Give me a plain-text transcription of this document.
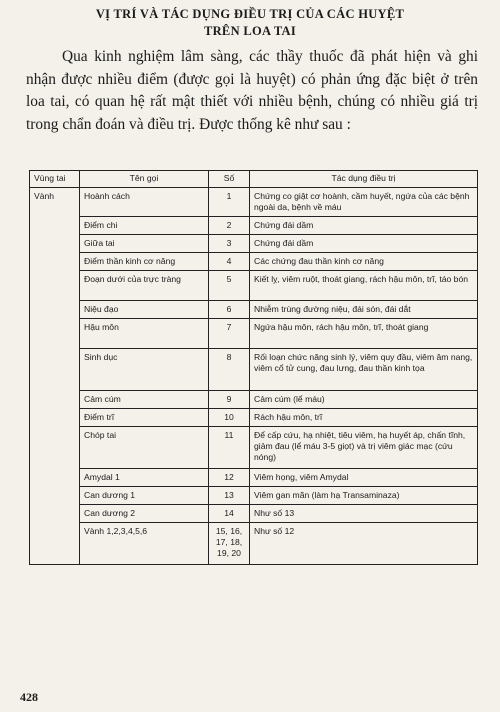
VỊ TRÍ VÀ TÁC DỤNG ĐIỀU TRỊ CỦA CÁC HUYỆT
TRÊN LOA TAI

Qua kinh nghiệm lâm sàng, các thầy thuốc đã phát hiện và ghi nhận được nhiều điểm (được gọi là huyệt) có phản ứng đặc biệt ở trên loa tai, có quan hệ rất mật thiết với nhiều bệnh, chúng có nhiều giá trị trong chẩn đoán và điều trị. Được thống kê như sau :

Vùng tai	Tên gọi	Số	Tác dụng điều trị
Vành	Hoành cách	1	Chứng co giật cơ hoành, cầm huyết, ngứa của các bệnh ngoài da, bệnh về máu
	Điểm chi	2	Chứng đái dầm
	Giữa tai	3	Chứng đái dầm
	Điểm thần kinh cơ năng	4	Các chứng đau thần kinh cơ năng
	Đoạn dưới của trực tràng	5	Kiết lỵ, viêm ruột, thoát giang, rách hậu môn, trĩ, táo bón
	Niệu đạo	6	Nhiễm trùng đường niệu, đái són, đái dắt
	Hậu môn	7	Ngứa hậu môn, rách hậu môn, trĩ, thoát giang
	Sinh dục	8	Rối loạn chức năng sinh lý, viêm quy đầu, viêm âm nang, viêm cổ tử cung, đau lưng, đau thần kinh tọa
	Cảm cúm	9	Cảm cúm (lể máu)
	Điểm trĩ	10	Rách hậu môn, trĩ
	Chóp tai	11	Để cấp cứu, hạ nhiệt, tiêu viêm, hạ huyết áp, chấn tĩnh, giảm đau (lể máu 3-5 giọt) và trị viêm giác mạc (cứu nóng)
	Amydal 1	12	Viêm họng, viêm Amydal
	Can dương 1	13	Viêm gan mãn (làm hạ Transaminaza)
	Can dương 2	14	Như số 13
	Vành 1,2,3,4,5,6	15, 16, 17, 18, 19, 20	Như số 12
428
